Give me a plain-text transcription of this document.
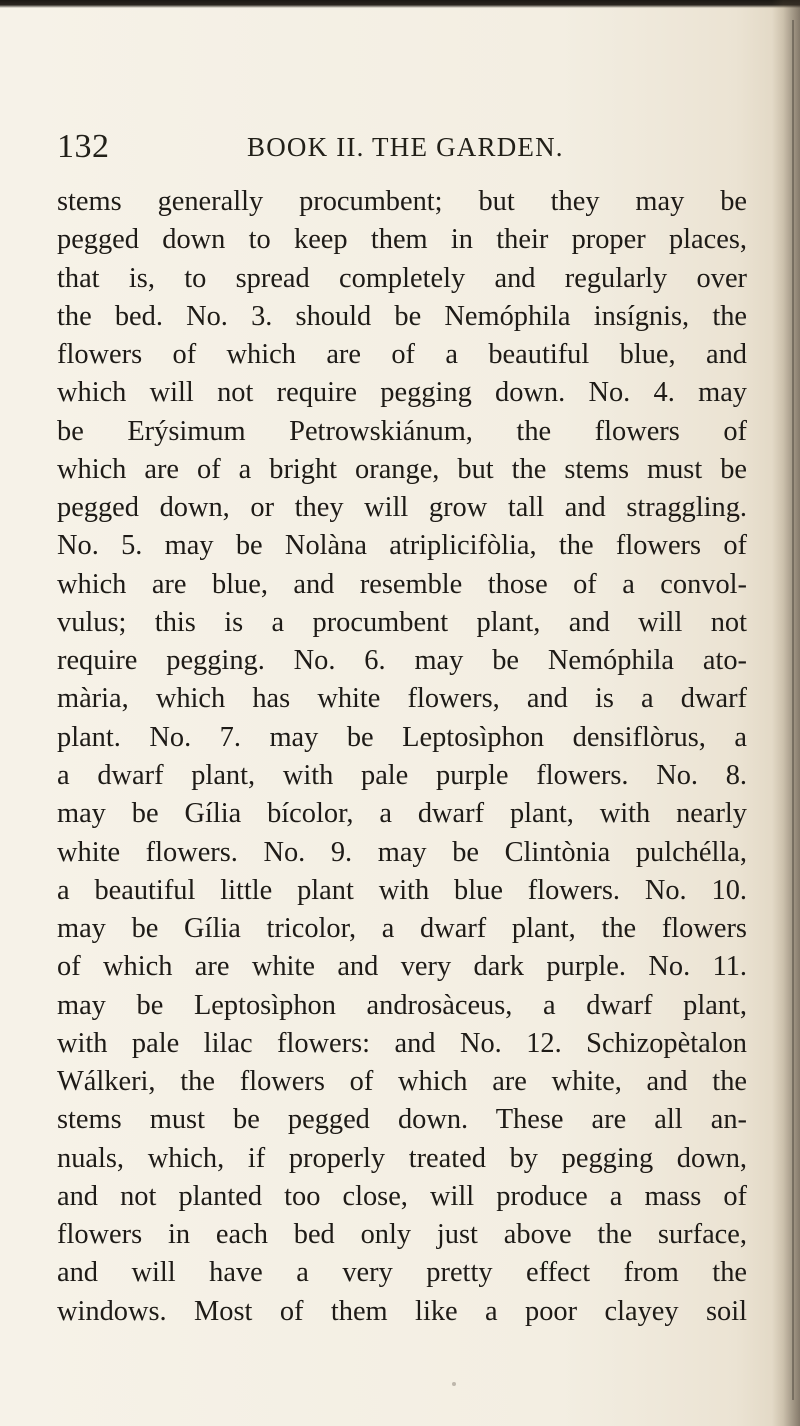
132	BOOK II. THE GARDEN.
stems generally procumbent; but they may be
pegged down to keep them in their proper places,
that is, to spread completely and regularly over
the bed. No. 3. should be Nemóphila insígnis, the
flowers of which are of a beautiful blue, and
which will not require pegging down. No. 4. may
be Erýsimum Petrowskiánum, the flowers of
which are of a bright orange, but the stems must be
pegged down, or they will grow tall and straggling.
No. 5. may be Nolàna atriplicifòlia, the flowers of
which are blue, and resemble those of a convol-
vulus; this is a procumbent plant, and will not
require pegging. No. 6. may be Nemóphila ato-
mària, which has white flowers, and is a dwarf
plant. No. 7. may be Leptosìphon densiflòrus, a
a dwarf plant, with pale purple flowers. No. 8.
may be Gília bícolor, a dwarf plant, with nearly
white flowers. No. 9. may be Clintònia pulchélla,
a beautiful little plant with blue flowers. No. 10.
may be Gília tricolor, a dwarf plant, the flowers
of which are white and very dark purple. No. 11.
may be Leptosìphon androsàceus, a dwarf plant,
with pale lilac flowers: and No. 12. Schizopètalon
Wálkeri, the flowers of which are white, and the
stems must be pegged down. These are all an-
nuals, which, if properly treated by pegging down,
and not planted too close, will produce a mass of
flowers in each bed only just above the surface,
and will have a very pretty effect from the
windows. Most of them like a poor clayey soil
